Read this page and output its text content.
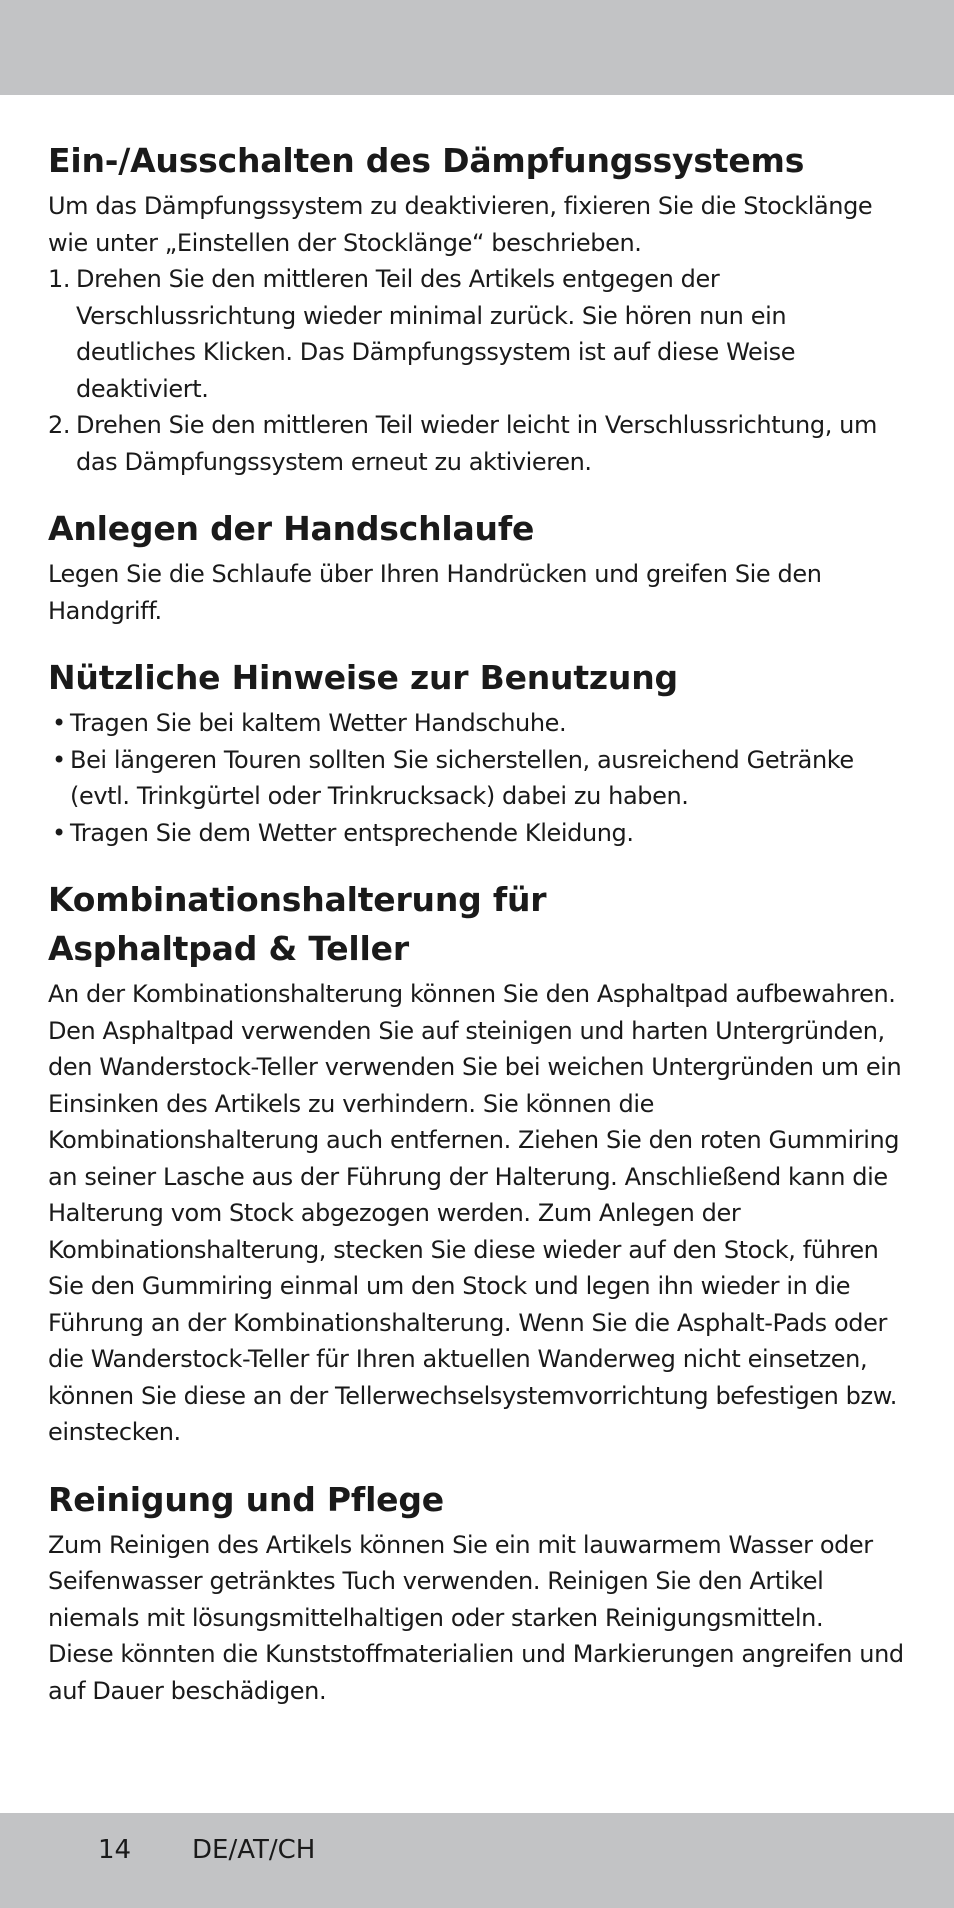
Ein-/Ausschalten des Dämpfungssystems

Um das Dämpfungssystem zu deaktivieren, fixieren Sie die Stocklänge wie unter „Einstellen der Stocklänge“ beschrieben.

1. Drehen Sie den mittleren Teil des Artikels entgegen der Verschlussrichtung wieder minimal zurück. Sie hören nun ein deutliches Klicken. Das Dämpfungssystem ist auf diese Weise deaktiviert.
2. Drehen Sie den mittleren Teil wieder leicht in Verschlussrichtung, um das Dämpfungssystem erneut zu aktivieren.
Anlegen der Handschlaufe

Legen Sie die Schlaufe über Ihren Handrücken und greifen Sie den Handgriff.

Nützliche Hinweise zur Benutzung
• Tragen Sie bei kaltem Wetter Handschuhe.
• Bei längeren Touren sollten Sie sicherstellen, ausreichend Getränke (evtl. Trinkgürtel oder Trinkrucksack) dabei zu haben.
• Tragen Sie dem Wetter entsprechende Kleidung.
Kombinationshalterung für
Asphaltpad & Teller

An der Kombinationshalterung können Sie den Asphaltpad aufbewahren. Den Asphaltpad verwenden Sie auf steinigen und harten Untergründen, den Wanderstock-Teller verwenden Sie bei weichen Untergründen um ein Einsinken des Artikels zu verhindern. Sie können die Kombinationshalterung auch entfernen. Ziehen Sie den roten Gummiring an seiner Lasche aus der Führung der Halterung. Anschließend kann die Halterung vom Stock abgezogen werden. Zum Anlegen der Kombinationshalterung, stecken Sie diese wieder auf den Stock, führen Sie den Gummiring einmal um den Stock und legen ihn wieder in die Führung an der Kombinationshalterung. Wenn Sie die Asphalt-Pads oder die Wanderstock-Teller für Ihren aktuellen Wanderweg nicht einsetzen, können Sie diese an der Tellerwechselsystemvorrichtung befestigen bzw. einstecken.

Reinigung und Pflege

Zum Reinigen des Artikels können Sie ein mit lauwarmem Wasser oder Seifenwasser getränktes Tuch verwenden. Reinigen Sie den Artikel niemals mit lösungsmittelhaltigen oder starken Reinigungsmitteln.

Diese könnten die Kunststoffmaterialien und Markierungen angreifen und auf Dauer beschädigen.

14	DE/AT/CH
